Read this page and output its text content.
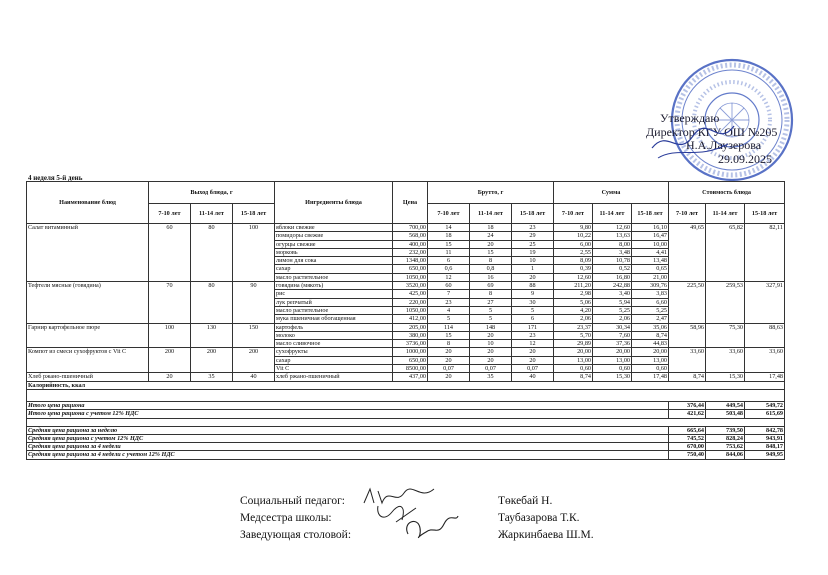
Утверждаю
Директор КГУ ОШ №205
Н.А.Лаузерова
29.09.2025
4 неделя 5-й день
Наименование блюд	Выход блюда, г			Ингредиенты блюда	Цена	Брутто, г			Сумма			Стоимость блюда		
	7-10 лет	11-14 лет	15-18 лет			7-10 лет	11-14 лет	15-18 лет	7-10 лет	11-14 лет	15-18 лет	7-10 лет	11-14 лет	15-18 лет
Салат витаминный	60	80	100	яблоки свежие	700,00	14	18	23	9,80	12,60	16,10	49,65	65,82	82,11
				помидоры свежие	568,00	18	24	29	10,22	13,63	16,47			
				огурцы свежие	400,00	15	20	25	6,00	8,00	10,00			
				морковь	232,00	11	15	19	2,55	3,48	4,41			
				лимон для сока	1348,00	6	8	10	8,09	10,78	13,48			
				сахар	650,00	0,6	0,8	1	0,39	0,52	0,65			
				масло растительное	1050,00	12	16	20	12,60	16,80	21,00			
Тефтели мясные (говядина)	70	80	90	говядина (мякоть)	3520,00	60	69	88	211,20	242,88	309,76	225,50	259,53	327,91
				рис	425,00	7	8	9	2,98	3,40	3,83			
				лук репчатый	220,00	23	27	30	5,06	5,94	6,60			
				масло растительное	1050,00	4	5	5	4,20	5,25	5,25			
				мука пшеничная обогащенная	412,00	5	5	6	2,06	2,06	2,47			
Гарнир картофельное пюре	100	130	150	картофель	205,00	114	148	171	23,37	30,34	35,06	58,96	75,30	88,63
				молоко	380,00	15	20	23	5,70	7,60	8,74			
				масло сливочное	3736,00	8	10	12	29,89	37,36	44,83			
Компот из смеси сухофруктов с Vit C	200	200	200	сухофрукты	1000,00	20	20	20	20,00	20,00	20,00	33,60	33,60	33,60
				сахар	650,00	20	20	20	13,00	13,00	13,00			
				Vit C	8500,00	0,07	0,07	0,07	0,60	0,60	0,60			
Хлеб ржано-пшеничный	20	35	40	хлеб ржано-пшеничный	437,00	20	35	40	8,74	15,30	17,48	8,74	15,30	17,48
Калорийность, ккал														

Итого цена рациона												376,44	449,54	549,72
Итого цена рациона с учетом 12% НДС												421,62	503,48	615,69

Средняя цена рациона за неделю												665,64	739,50	842,78
Средняя цена рациона с учетом 12% НДС												745,52	828,24	943,91
Средняя цена рациона за 4 недели												670,00	753,62	848,17
Средняя цена рациона за 4 недели с учетом 12% НДС												750,40	844,06	949,95
Социальный педагог:	Төкебай Н.
Медсестра школы:	Таубазарова Т.К.
Заведующая столовой:	Жаркинбаева Ш.М.
